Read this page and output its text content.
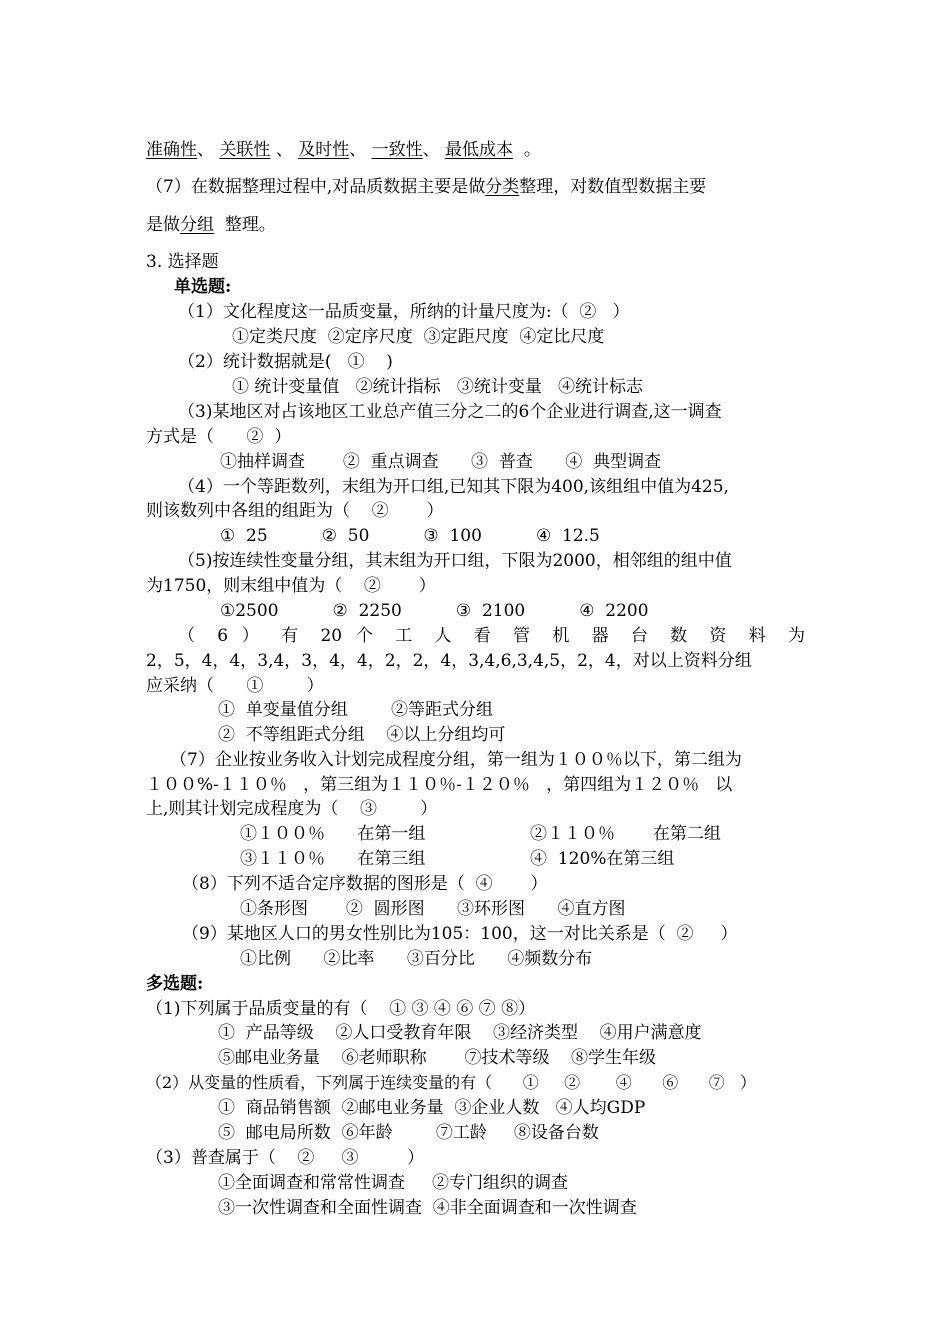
准确性、 关联性 、 及时性、 一致性、 最低成本 。
（7）在数据整理过程中,对品质数据主要是做分类整理，对数值型数据主要
是做分组 整理。
3. 选择题
单选题:
（1）文化程度这一品质变量，所纳的计量尺度为:（  ②   ）
①定类尺度  ②定序尺度  ③定距尺度  ④定比尺度
（2）统计数据就是(   ①    )
① 统计变量值   ②统计指标   ③统计变量   ④统计标志
（3)某地区对占该地区工业总产值三分之二的6个企业进行调查,这一调查
方式是（      ②  ）
①抽样调查       ②  重点调查      ③  普查      ④  典型调查
（4）一个等距数列，末组为开口组,已知其下限为400,该组组中值为425,
则该数列中各组的组距为（    ②       ）
①  25          ②  50          ③  100          ④  12.5
（5)按连续性变量分组，其末组为开口组，下限为2000，相邻组的组中值
为1750，则末组中值为（    ②       ）
①2500          ②  2250          ③  2100          ④  2200
（ 6 ） 有 20 个 工 人 看 管 机 器 台 数 资 料 为
2，5，4，4，3,4，3，4，4，2，2，4，3,4,6,3,4,5，2，4，对以上资料分组
应采纳（      ①        ）
①  单变量值分组        ②等距式分组
②  不等组距式分组    ④以上分组均可
（7）企业按业务收入计划完成程度分组，第一组为１００％以下，第二组为
１００%-１１０％   ，第三组为１１０％-１２０％   ，第四组为１２０％   以
上,则其计划完成程度为（    ③        ）
①１００％      在第一组	②１１０％       在第二组
③１１０％      在第三组	④  120%在第三组
（8）下列不适合定序数据的图形是（  ④       ）
①条形图       ②  圆形图      ③环形图      ④直方图
（9）某地区人口的男女性别比为105：100，这一对比关系是（  ②     ）
①比例      ②比率      ③百分比      ④频数分布
多选题:
（1)下列属于品质变量的有（    ① ③ ④ ⑥ ⑦ ⑧）
①  产品等级    ②人口受教育年限    ③经济类型    ④用户满意度
⑤邮电业务量    ⑥老师职称       ⑦技术等级    ⑧学生年级
（2）从变量的性质看，下列属于连续变量的有（      ①     ②       ④      ⑥      ⑦   ）
①  商品销售额  ②邮电业务量  ③企业人数   ④人均GDP
⑤  邮电局所数  ⑥年龄        ⑦工龄     ⑧设备台数
（3）普查属于（    ②     ③         ）
①全面调查和常常性调查     ②专门组织的调查
③一次性调查和全面性调查  ④非全面调查和一次性调查
